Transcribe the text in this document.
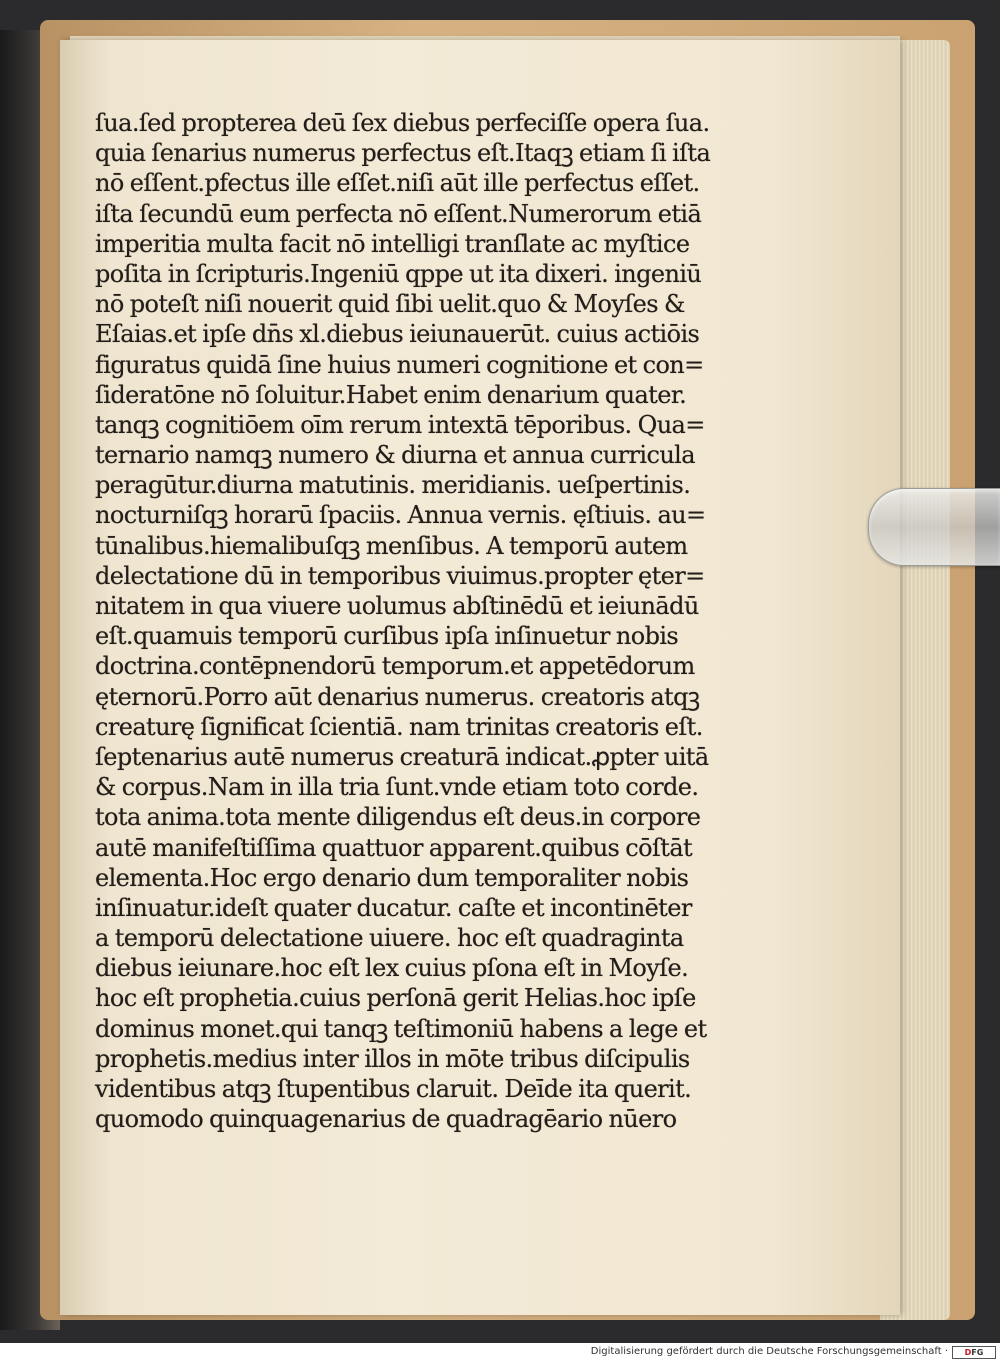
ſua.ſed propterea deū ſex diebus perfeciſſe opera ſua.
quia ſenarius numerus perfectus eſt.Itaqꝫ etiam ſi iſta
nō eſſent.pfectus ille eſſet.niſi aūt ille perfectus eſſet.
iſta ſecundū eum perfecta nō eſſent.Numerorum etiā
imperitia multa facit nō intelligi tranſlate ac myſtice
poſita in ſcripturis.Ingeniū qppe ut ita dixeri. ingeniū
nō poteſt niſi nouerit quid ſibi uelit.quo & Moyſes &
Eſaias.et ipſe dn̄s xl.diebus ieiunauerūt. cuius actiōis
figuratus quidā ſine huius numeri cognitione et con=
ſideratōne nō ſoluitur.Habet enim denarium quater.
tanqꝫ cognitiōem oīm rerum intextā tēporibus. Qua=
ternario namqꝫ numero & diurna et annua curricula
peragūtur.diurna matutinis. meridianis. ueſpertinis.
nocturniſqꝫ horarū ſpaciis. Annua vernis. ęſtiuis. au=
tūnalibus.hiemalibuſqꝫ menſibus. A temporū autem
delectatione dū in temporibus viuimus.propter ęter=
nitatem in qua viuere uolumus abſtinēdū et ieiunādū
eſt.quamuis temporū curſibus ipſa inſinuetur nobis
doctrina.contēpnendorū temporum.et appetēdorum
ęternorū.Porro aūt denarius numerus. creatoris atqꝫ
creaturę ſignificat ſcientiā. nam trinitas creatoris eſt.
ſeptenarius autē numerus creaturā indicat.ꝓpter uitā
& corpus.Nam in illa tria ſunt.vnde etiam toto corde.
tota anima.tota mente diligendus eſt deus.in corpore
autē manifeſtiſſima quattuor apparent.quibus cōſtāt
elementa.Hoc ergo denario dum temporaliter nobis
inſinuatur.ideſt quater ducatur. caſte et incontinēter
a temporū delectatione uiuere. hoc eſt quadraginta
diebus ieiunare.hoc eſt lex cuius pſona eſt in Moyſe.
hoc eſt prophetia.cuius perſonā gerit Helias.hoc ipſe
dominus monet.qui tanqꝫ teſtimoniū habens a lege et
prophetis.medius inter illos in mōte tribus diſcipulis
videntibus atqꝫ ſtupentibus claruit. Deīde ita querit.
quomodo quinquagenarius de quadragēario nūero
Digitalisierung gefördert durch die Deutsche Forschungsgemeinschaft · D FG
